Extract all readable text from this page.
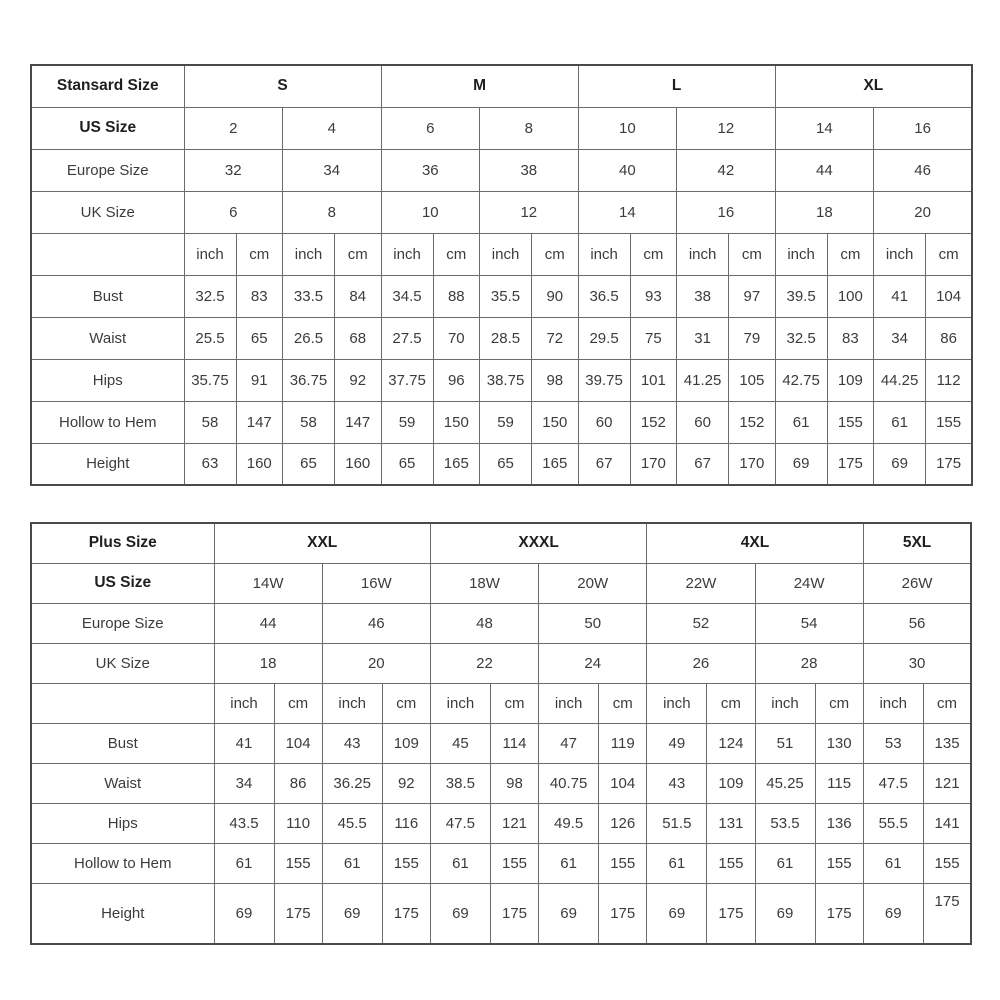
Stansard Size	S				M				L				XL			
US Size	2		4		6		8		10		12		14		16	
Europe Size	32		34		36		38		40		42		44		46	
UK Size	6		8		10		12		14		16		18		20	
	inch	cm	inch	cm	inch	cm	inch	cm	inch	cm	inch	cm	inch	cm	inch	cm
Bust	32.5	83	33.5	84	34.5	88	35.5	90	36.5	93	38	97	39.5	100	41	104
Waist	25.5	65	26.5	68	27.5	70	28.5	72	29.5	75	31	79	32.5	83	34	86
Hips	35.75	91	36.75	92	37.75	96	38.75	98	39.75	101	41.25	105	42.75	109	44.25	112
Hollow to Hem	58	147	58	147	59	150	59	150	60	152	60	152	61	155	61	155
Height	63	160	65	160	65	165	65	165	67	170	67	170	69	175	69	175
Plus Size	XXL				XXXL				4XL				5XL	
US Size	14W		16W		18W		20W		22W		24W		26W	
Europe Size	44		46		48		50		52		54		56	
UK Size	18		20		22		24		26		28		30	
	inch	cm	inch	cm	inch	cm	inch	cm	inch	cm	inch	cm	inch	cm
Bust	41	104	43	109	45	114	47	119	49	124	51	130	53	135
Waist	34	86	36.25	92	38.5	98	40.75	104	43	109	45.25	115	47.5	121
Hips	43.5	110	45.5	116	47.5	121	49.5	126	51.5	131	53.5	136	55.5	141
Hollow to Hem	61	155	61	155	61	155	61	155	61	155	61	155	61	155
Height	69	175	69	175	69	175	69	175	69	175	69	175	69	175
